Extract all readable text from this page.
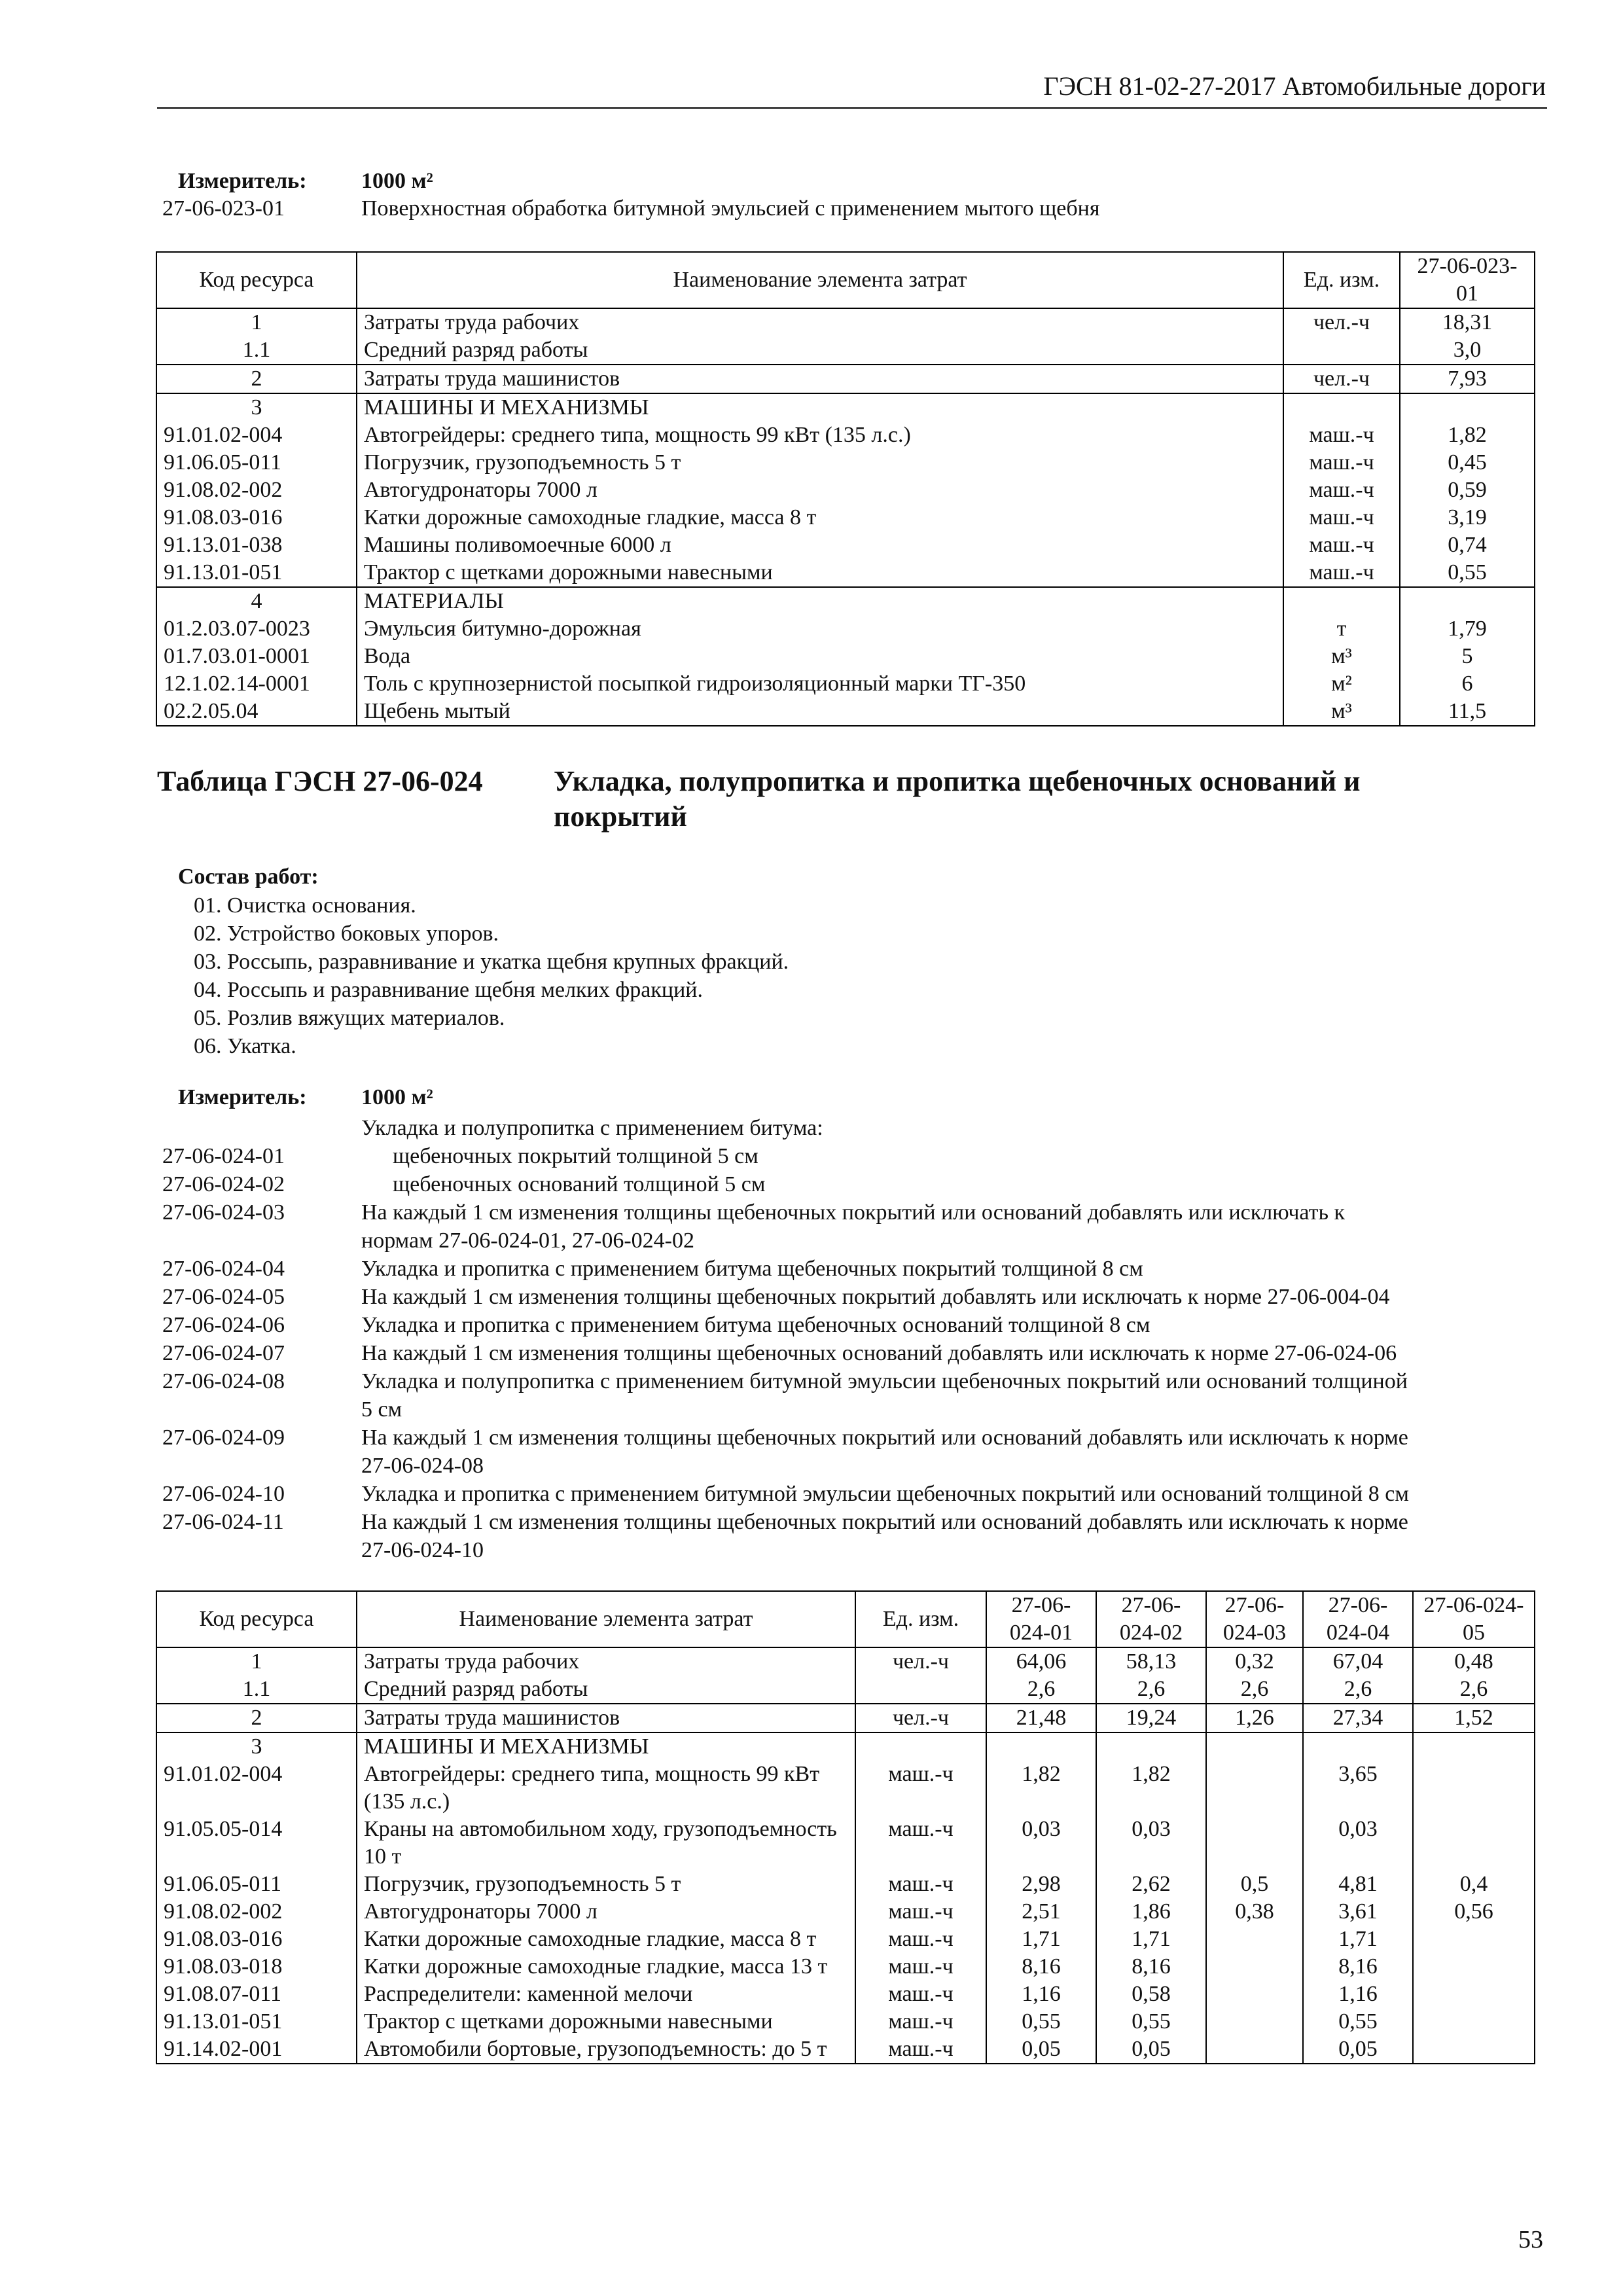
ГЭСН 81-02-27-2017 Автомобильные дороги
Измеритель: 1000 м²
27-06-023-01	Поверхностная обработка битумной эмульсией с применением мытого щебня
Код ресурса	Наименование элемента затрат	Ед. изм.	27-06-023-01
1	Затраты труда рабочих	чел.-ч	18,31
1.1	Средний разряд работы		3,0
2	Затраты труда машинистов	чел.-ч	7,93
3	МАШИНЫ И МЕХАНИЗМЫ		
91.01.02-004	Автогрейдеры: среднего типа, мощность 99 кВт (135 л.с.)	маш.-ч	1,82
91.06.05-011	Погрузчик, грузоподъемность 5 т	маш.-ч	0,45
91.08.02-002	Автогудронаторы 7000 л	маш.-ч	0,59
91.08.03-016	Катки дорожные самоходные гладкие, масса 8 т	маш.-ч	3,19
91.13.01-038	Машины поливомоечные 6000 л	маш.-ч	0,74
91.13.01-051	Трактор с щетками дорожными навесными	маш.-ч	0,55
4	МАТЕРИАЛЫ		
01.2.03.07-0023	Эмульсия битумно-дорожная	т	1,79
01.7.03.01-0001	Вода	м³	5
12.1.02.14-0001	Толь с крупнозернистой посыпкой гидроизоляционный марки ТГ-350	м²	6
02.2.05.04	Щебень мытый	м³	11,5
Таблица ГЭСН 27-06-024 Укладка, полупропитка и пропитка щебеночных оснований и
покрытий
Состав работ:
01. Очистка основания.
02. Устройство боковых упоров.
03. Россыпь, разравнивание и укатка щебня крупных фракций.
04. Россыпь и разравнивание щебня мелких фракций.
05. Розлив вяжущих материалов.
06. Укатка.
Измеритель: 1000 м²
Укладка и полупропитка с применением битума:
27-06-024-01	щебеночных покрытий толщиной 5 см
27-06-024-02	щебеночных оснований толщиной 5 см
27-06-024-03	На каждый 1 см изменения толщины щебеночных покрытий или оснований добавлять или исключать к
нормам 27-06-024-01, 27-06-024-02
27-06-024-04	Укладка и пропитка с применением битума щебеночных покрытий толщиной 8 см
27-06-024-05	На каждый 1 см изменения толщины щебеночных покрытий добавлять или исключать к норме 27-06-004-04
27-06-024-06	Укладка и пропитка с применением битума щебеночных оснований толщиной 8 см
27-06-024-07	На каждый 1 см изменения толщины щебеночных оснований добавлять или исключать к норме 27-06-024-06
27-06-024-08	Укладка и полупропитка с применением битумной эмульсии щебеночных покрытий или оснований толщиной
5 см
27-06-024-09	На каждый 1 см изменения толщины щебеночных покрытий или оснований добавлять или исключать к норме
27-06-024-08
27-06-024-10	Укладка и пропитка с применением битумной эмульсии щебеночных покрытий или оснований толщиной 8 см
27-06-024-11	На каждый 1 см изменения толщины щебеночных покрытий или оснований добавлять или исключать к норме
27-06-024-10
Код ресурса	Наименование элемента затрат	Ед. изм.	27-06-024-01	27-06-024-02	27-06-024-03	27-06-024-04	27-06-024-05
1	Затраты труда рабочих	чел.-ч	64,06	58,13	0,32	67,04	0,48
1.1	Средний разряд работы		2,6	2,6	2,6	2,6	2,6
2	Затраты труда машинистов	чел.-ч	21,48	19,24	1,26	27,34	1,52
3	МАШИНЫ И МЕХАНИЗМЫ						
91.01.02-004	Автогрейдеры: среднего типа, мощность 99 кВт (135 л.с.)	маш.-ч	1,82	1,82		3,65	
91.05.05-014	Краны на автомобильном ходу, грузоподъемность 10 т	маш.-ч	0,03	0,03		0,03	
91.06.05-011	Погрузчик, грузоподъемность 5 т	маш.-ч	2,98	2,62	0,5	4,81	0,4
91.08.02-002	Автогудронаторы 7000 л	маш.-ч	2,51	1,86	0,38	3,61	0,56
91.08.03-016	Катки дорожные самоходные гладкие, масса 8 т	маш.-ч	1,71	1,71		1,71	
91.08.03-018	Катки дорожные самоходные гладкие, масса 13 т	маш.-ч	8,16	8,16		8,16	
91.08.07-011	Распределители: каменной мелочи	маш.-ч	1,16	0,58		1,16	
91.13.01-051	Трактор с щетками дорожными навесными	маш.-ч	0,55	0,55		0,55	
91.14.02-001	Автомобили бортовые, грузоподъемность: до 5 т	маш.-ч	0,05	0,05		0,05	
53
